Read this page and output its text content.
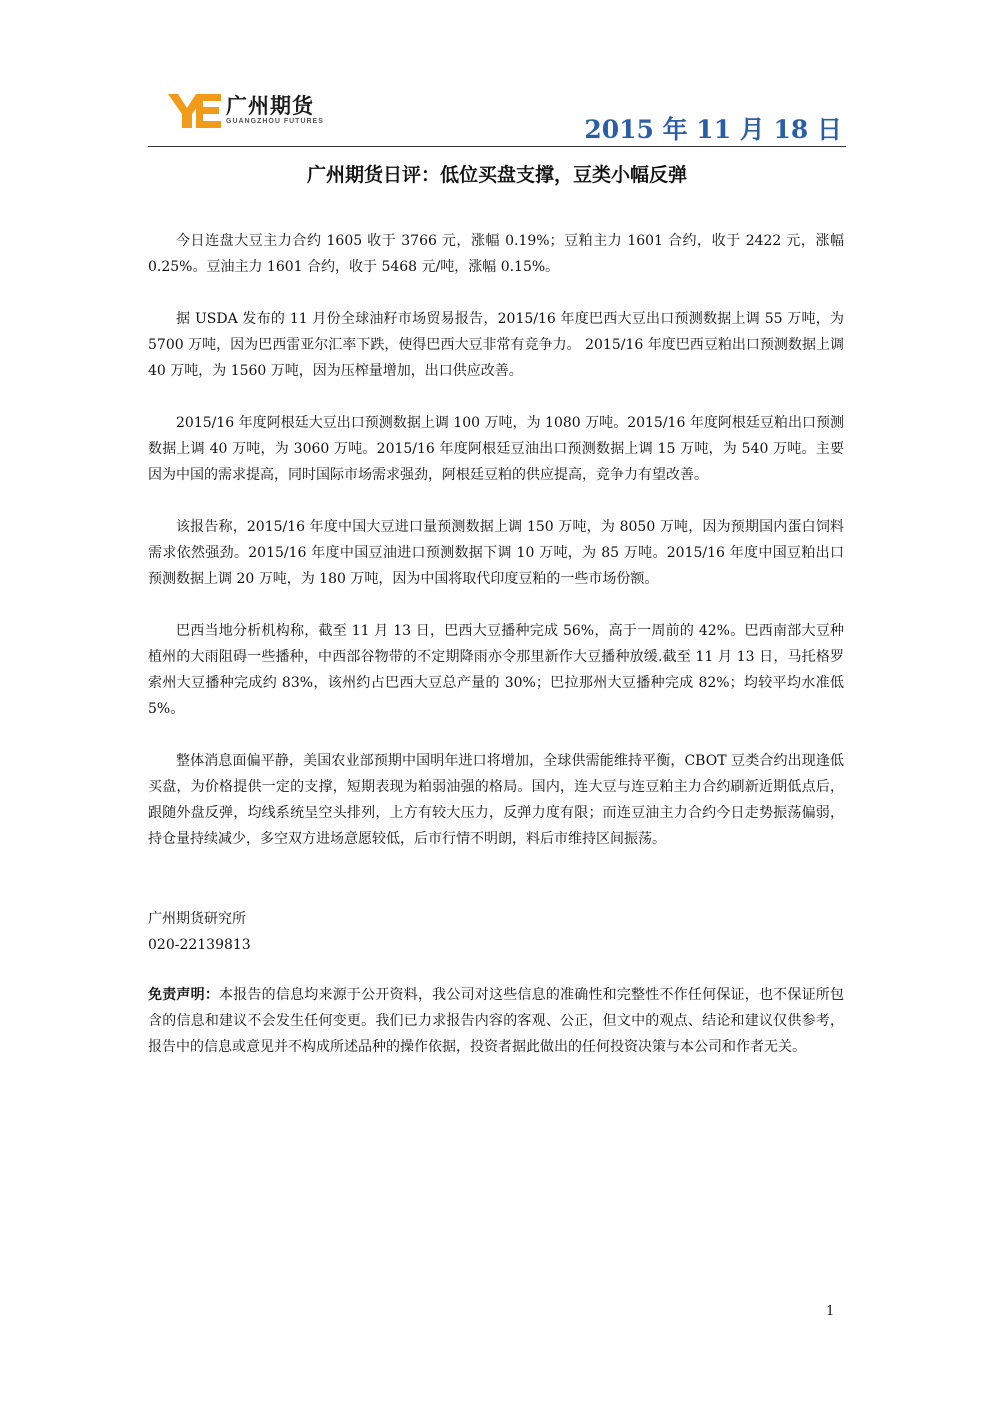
广州期货
GUANGZHOU FUTURES	2015 年 11 月 18 日
广州期货日评：低位买盘支撑，豆类小幅反弹

今日连盘大豆主力合约 1605 收于 3766 元，涨幅 0.19%；豆粕主力 1601 合约，收于 2422 元，涨幅 0.25%。豆油主力 1601 合约，收于 5468 元/吨，涨幅 0.15%。

据 USDA 发布的 11 月份全球油籽市场贸易报告，2015/16 年度巴西大豆出口预测数据上调 55 万吨，为 5700 万吨，因为巴西雷亚尔汇率下跌，使得巴西大豆非常有竞争力。 2015/16 年度巴西豆粕出口预测数据上调 40 万吨，为 1560 万吨，因为压榨量增加，出口供应改善。

2015/16 年度阿根廷大豆出口预测数据上调 100 万吨，为 1080 万吨。2015/16 年度阿根廷豆粕出口预测数据上调 40 万吨，为 3060 万吨。2015/16 年度阿根廷豆油出口预测数据上调 15 万吨，为 540 万吨。主要因为中国的需求提高，同时国际市场需求强劲，阿根廷豆粕的供应提高，竞争力有望改善。

该报告称，2015/16 年度中国大豆进口量预测数据上调 150 万吨，为 8050 万吨，因为预期国内蛋白饲料需求依然强劲。2015/16 年度中国豆油进口预测数据下调 10 万吨，为 85 万吨。2015/16 年度中国豆粕出口预测数据上调 20 万吨，为 180 万吨，因为中国将取代印度豆粕的一些市场份额。

巴西当地分析机构称，截至 11 月 13 日，巴西大豆播种完成 56%，高于一周前的 42%。巴西南部大豆种植州的大雨阻碍一些播种，中西部谷物带的不定期降雨亦令那里新作大豆播种放缓.截至 11 月 13 日，马托格罗索州大豆播种完成约 83%，该州约占巴西大豆总产量的 30%；巴拉那州大豆播种完成 82%；均较平均水准低 5%。

整体消息面偏平静，美国农业部预期中国明年进口将增加，全球供需能维持平衡，CBOT 豆类合约出现逢低买盘，为价格提供一定的支撑，短期表现为粕弱油强的格局。国内，连大豆与连豆粕主力合约刷新近期低点后，跟随外盘反弹，均线系统呈空头排列，上方有较大压力，反弹力度有限；而连豆油主力合约今日走势振荡偏弱，持仓量持续减少，多空双方进场意愿较低，后市行情不明朗，料后市维持区间振荡。

广州期货研究所
020-22139813

免责声明：本报告的信息均来源于公开资料，我公司对这些信息的准确性和完整性不作任何保证，也不保证所包含的信息和建议不会发生任何变更。我们已力求报告内容的客观、公正，但文中的观点、结论和建议仅供参考，报告中的信息或意见并不构成所述品种的操作依据，投资者据此做出的任何投资决策与本公司和作者无关。

1
